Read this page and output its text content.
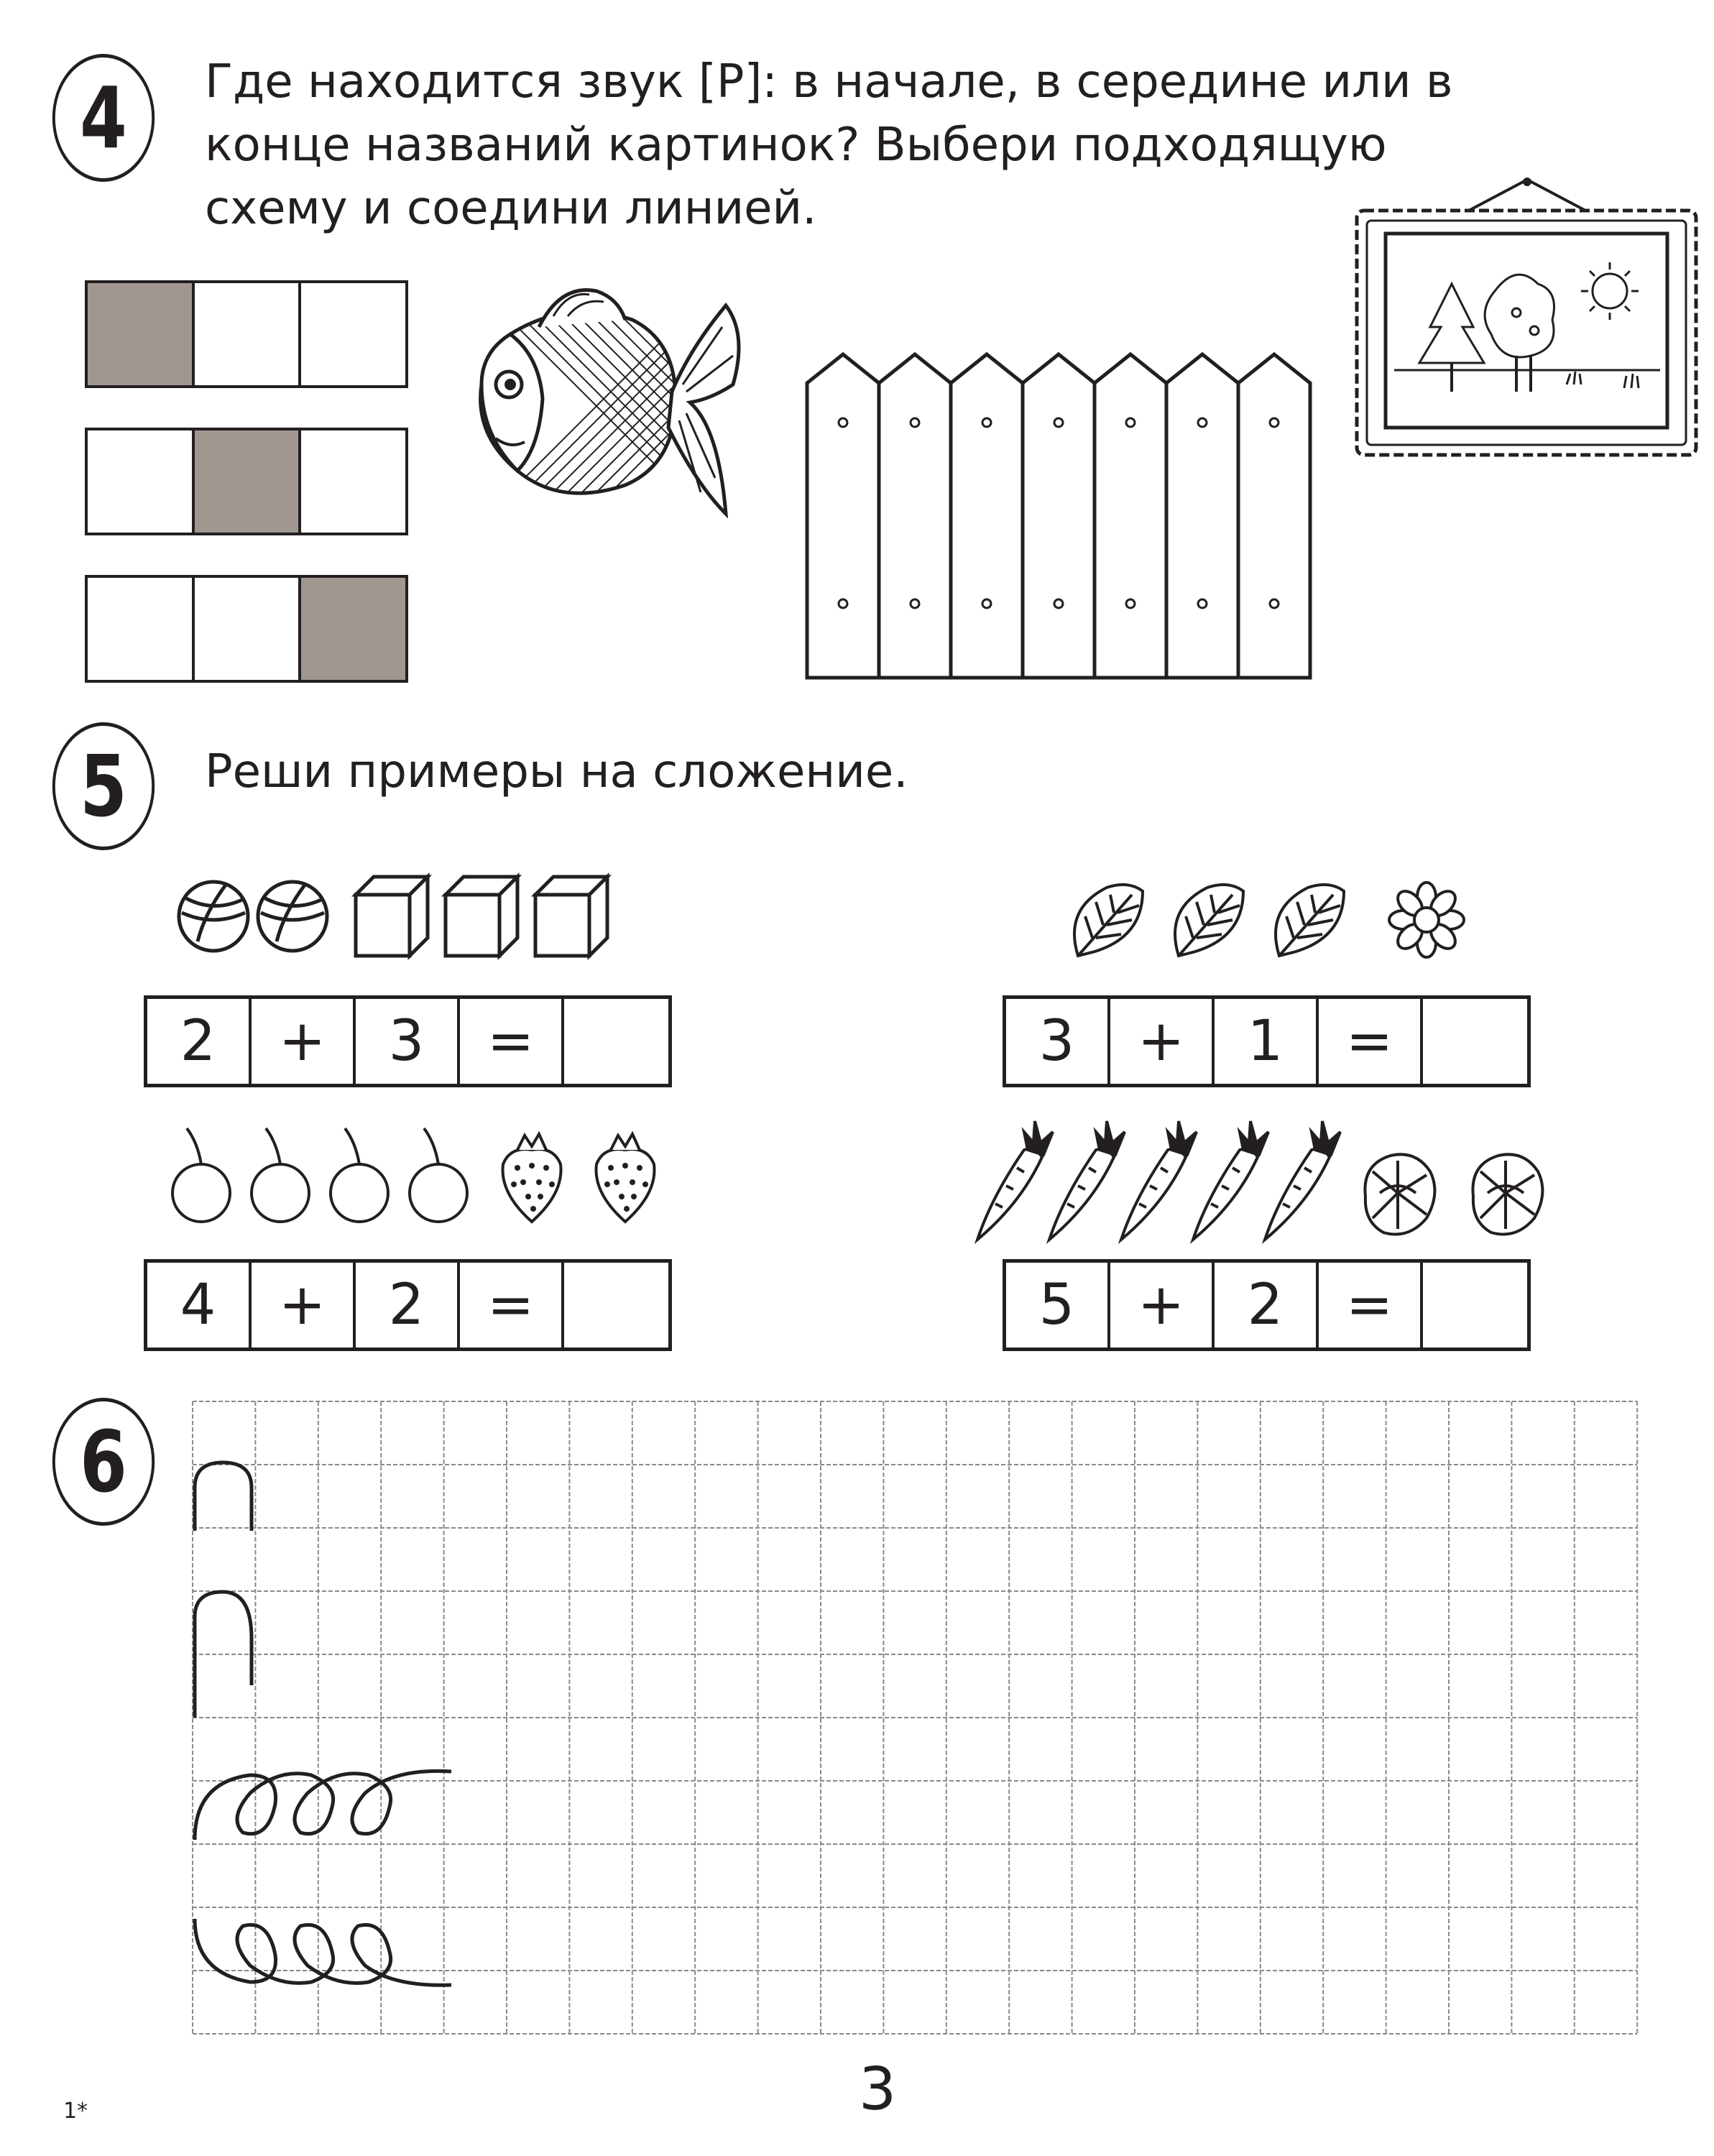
4 Где находится звук [Р]: в начале, в середине или в
конце названий картинок? Выбери подходящую
схему и соедини линией.
5 Реши примеры на сложение.
2	+	3	=	3	+	1	=
4	+	2	=	5	+	2	=
6
1*	3
